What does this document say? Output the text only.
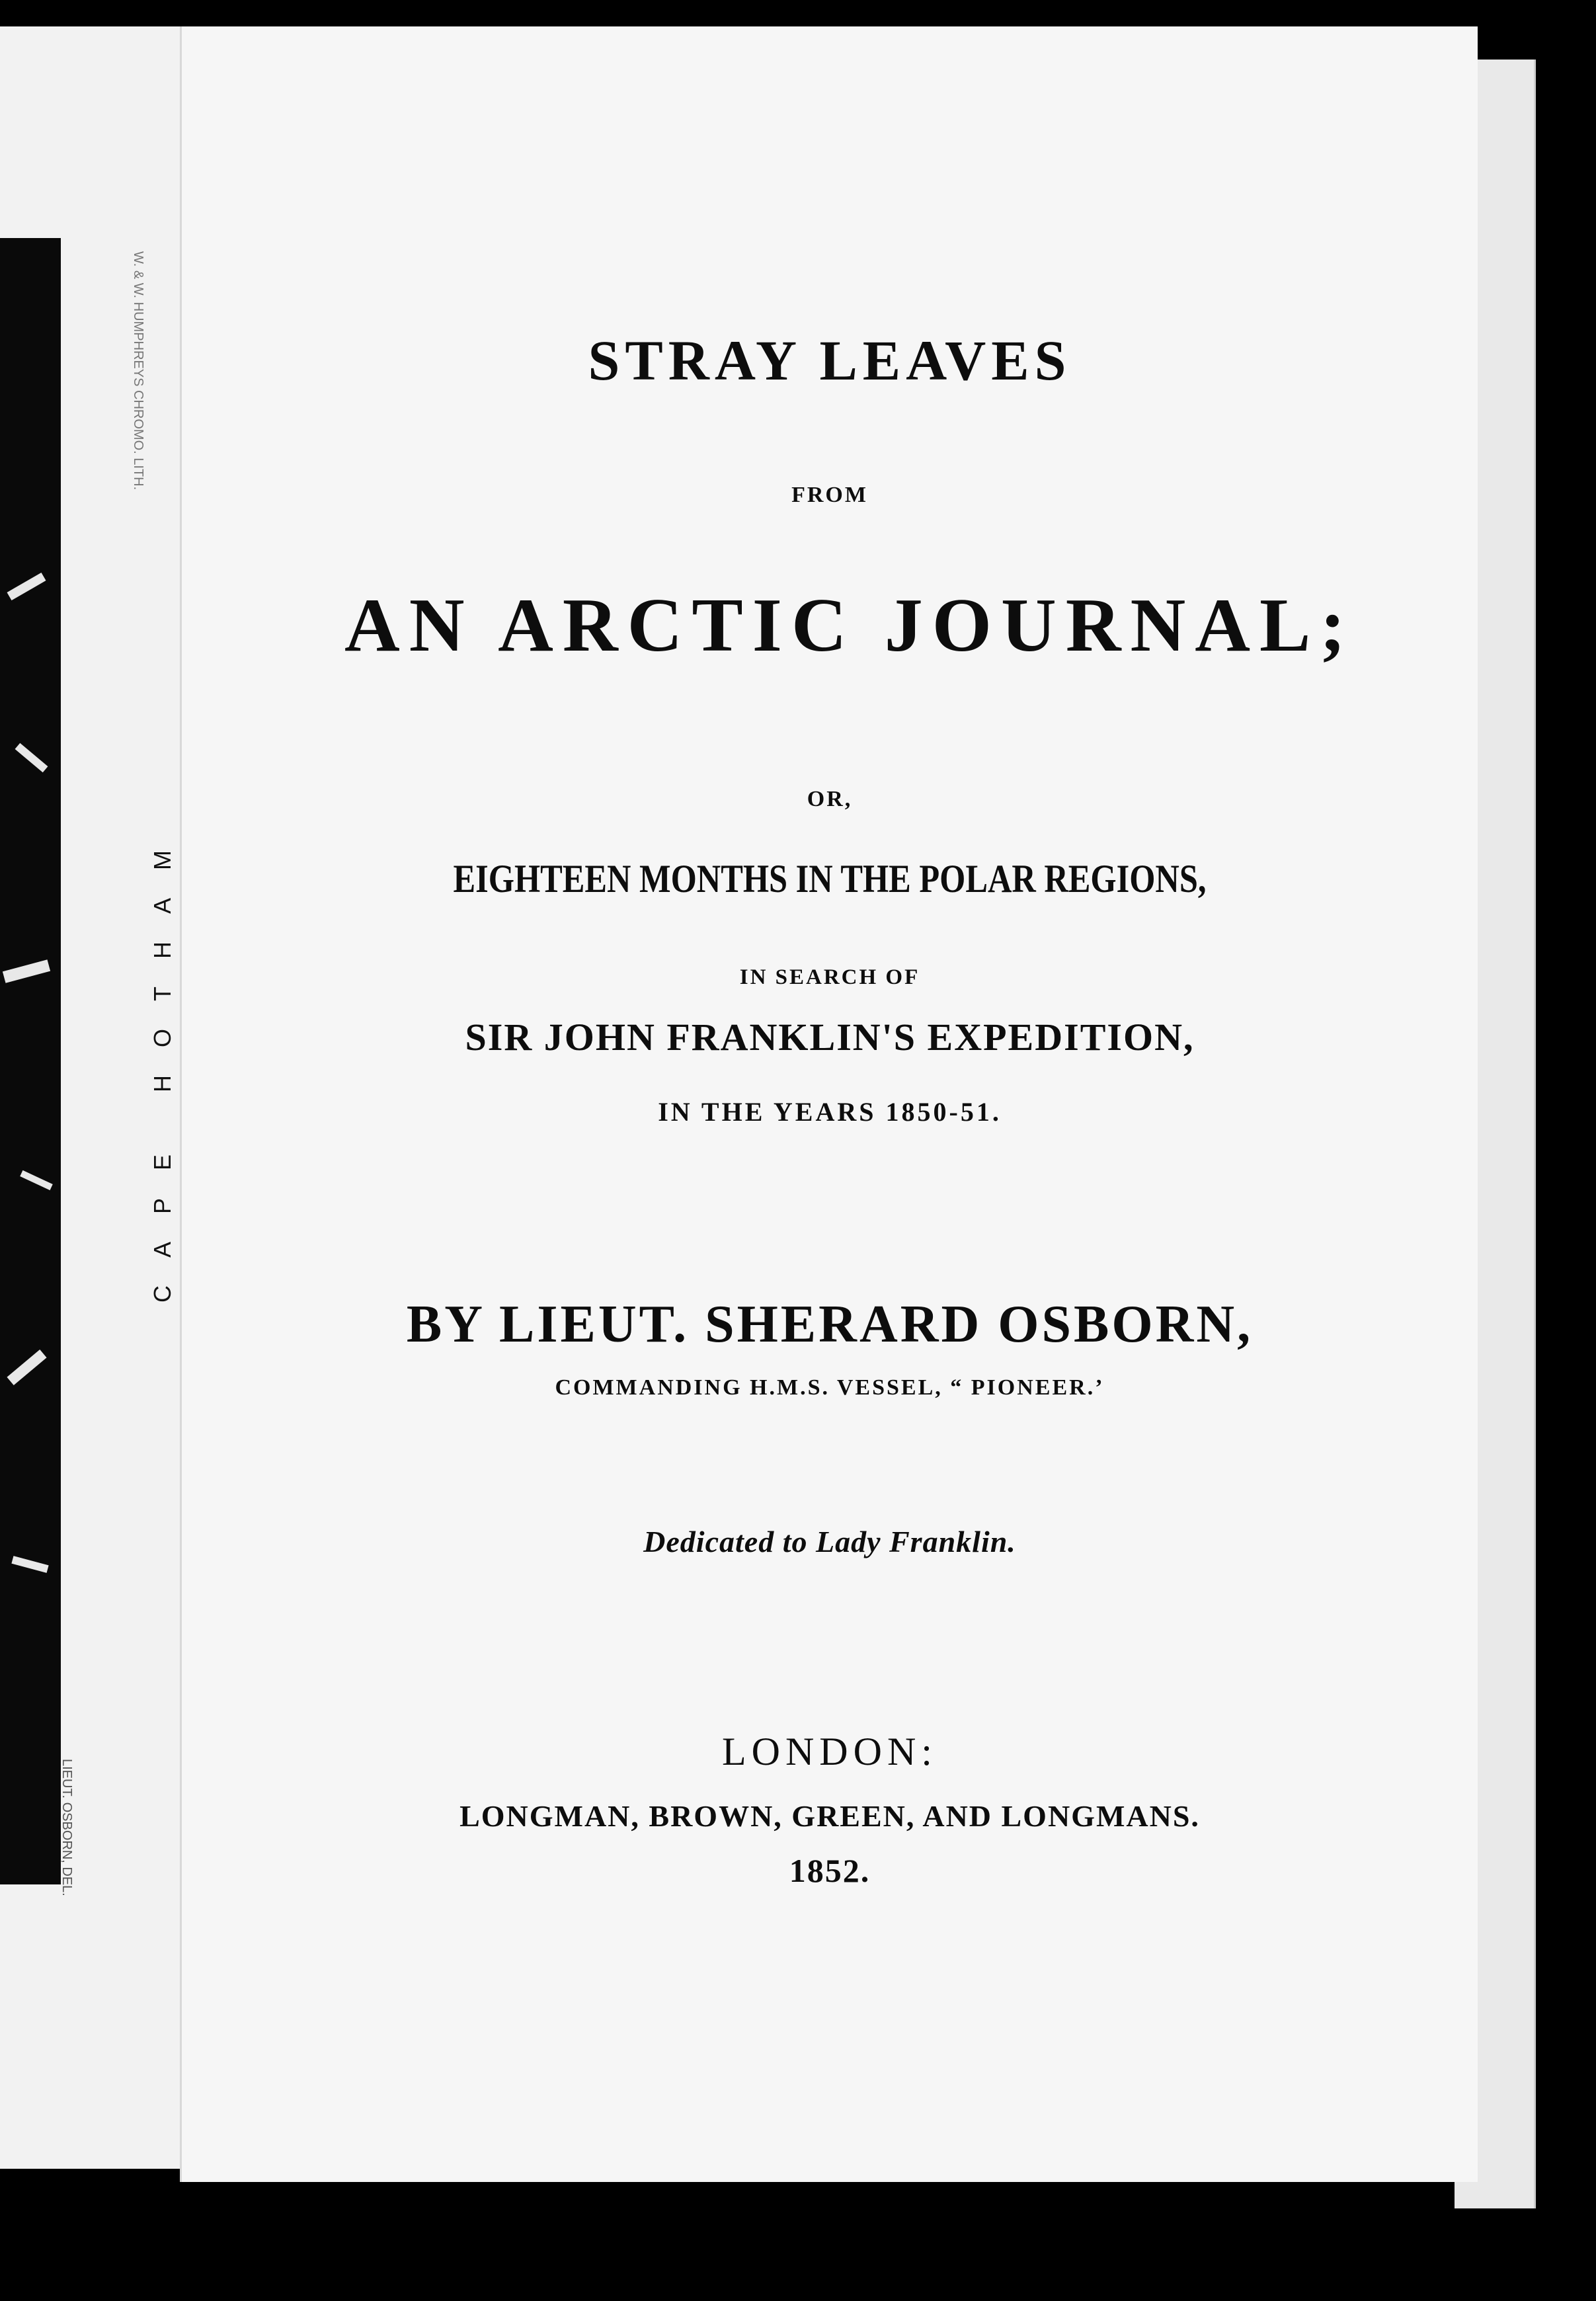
CAPE HOTHAM
LIEUT. OSBORN, DEL.
W. & W. HUMPHREYS CHROMO. LITH.	STRAY LEAVES
FROM
AN ARCTIC JOURNAL;
OR,
EIGHTEEN MONTHS IN THE POLAR REGIONS,
IN SEARCH OF
SIR JOHN FRANKLIN'S EXPEDITION,
IN THE YEARS 1850-51.
BY LIEUT. SHERARD OSBORN,
COMMANDING H.M.S. VESSEL, “ PIONEER.’
Dedicated to Lady Franklin.
LONDON:
LONGMAN, BROWN, GREEN, AND LONGMANS.
1852.
